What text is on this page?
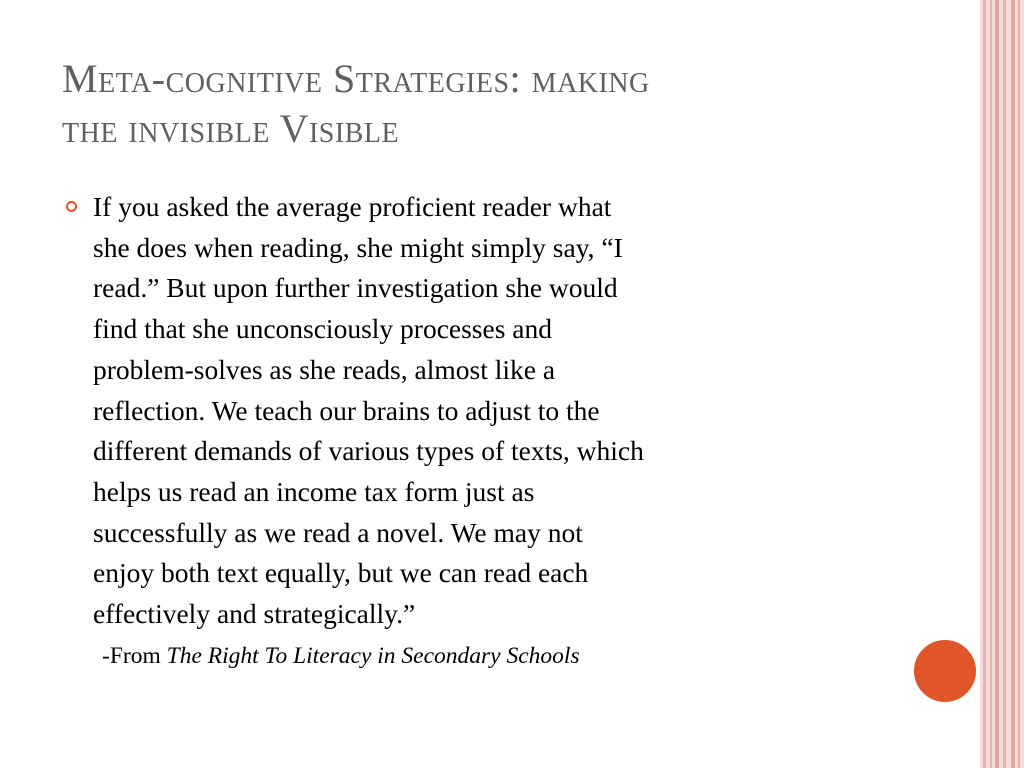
Meta-cognitive Strategies: making
the invisible Visible

If you asked the average proficient reader what
she does when reading, she might simply say, “I
read.” But upon further investigation she would
find that she unconsciously processes and
problem-solves as she reads, almost like a
reflection. We teach our brains to adjust to the
different demands of various types of texts, which
helps us read an income tax form just as
successfully as we read a novel. We may not
enjoy both text equally, but we can read each
effectively and strategically.”

-From The Right To Literacy in Secondary Schools
